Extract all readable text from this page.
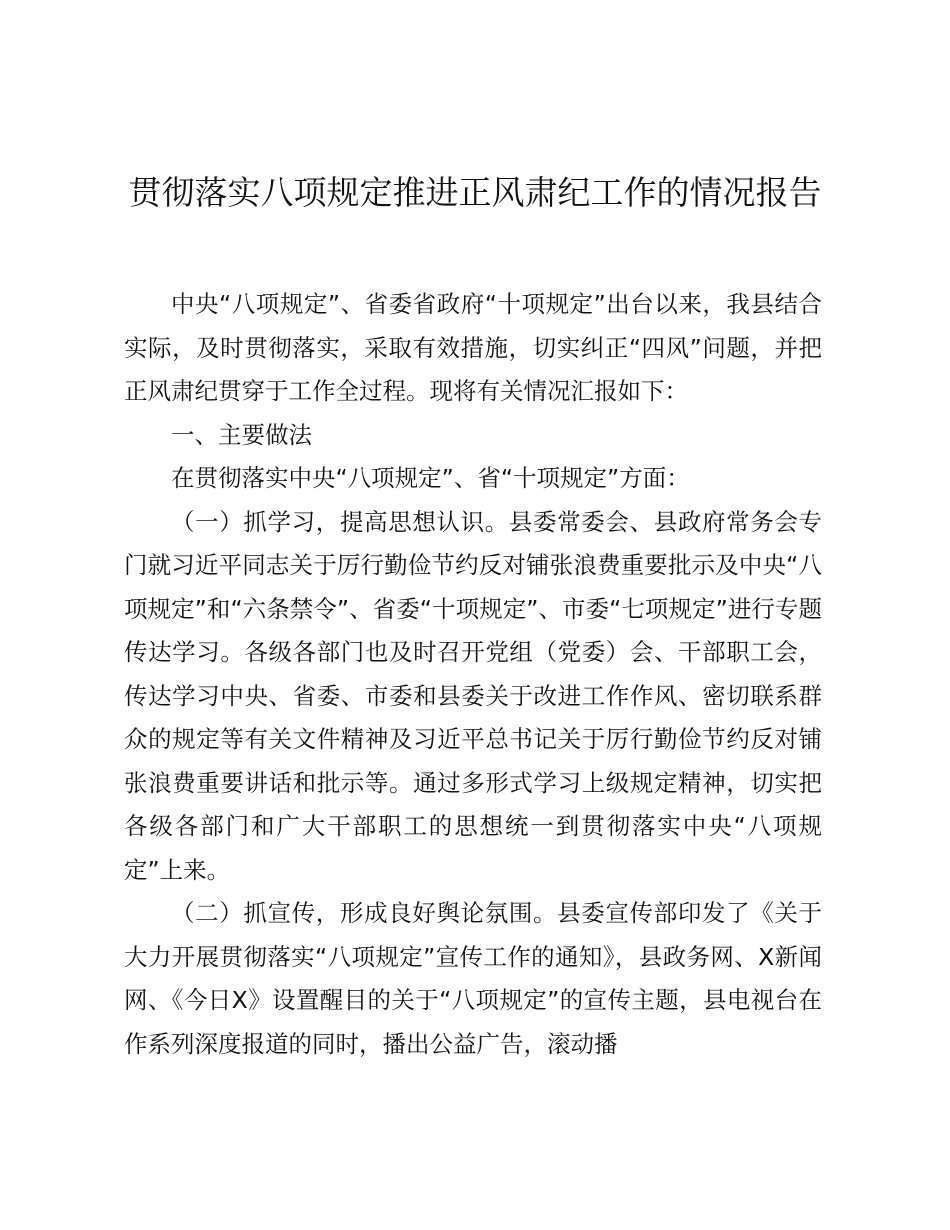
贯彻落实八项规定推进正风肃纪工作的情况报告

中央“八项规定”、省委省政府“十项规定”出台以来，我县结合实际，及时贯彻落实，采取有效措施，切实纠正“四风”问题，并把正风肃纪贯穿于工作全过程。现将有关情况汇报如下：

一、主要做法

在贯彻落实中央“八项规定”、省“十项规定”方面：

（一）抓学习，提高思想认识。县委常委会、县政府常务会专门就习近平同志关于厉行勤俭节约反对铺张浪费重要批示及中央“八项规定”和“六条禁令”、省委“十项规定”、市委“七项规定”进行专题传达学习。各级各部门也及时召开党组（党委）会、干部职工会，传达学习中央、省委、市委和县委关于改进工作作风、密切联系群众的规定等有关文件精神及习近平总书记关于厉行勤俭节约反对铺张浪费重要讲话和批示等。通过多形式学习上级规定精神，切实把各级各部门和广大干部职工的思想统一到贯彻落实中央“八项规定”上来。

（二）抓宣传，形成良好舆论氛围。县委宣传部印发了《关于大力开展贯彻落实“八项规定”宣传工作的通知》，县政务网、X新闻网、《今日X》设置醒目的关于“八项规定”的宣传主题，县电视台在作系列深度报道的同时，播出公益广告，滚动播
